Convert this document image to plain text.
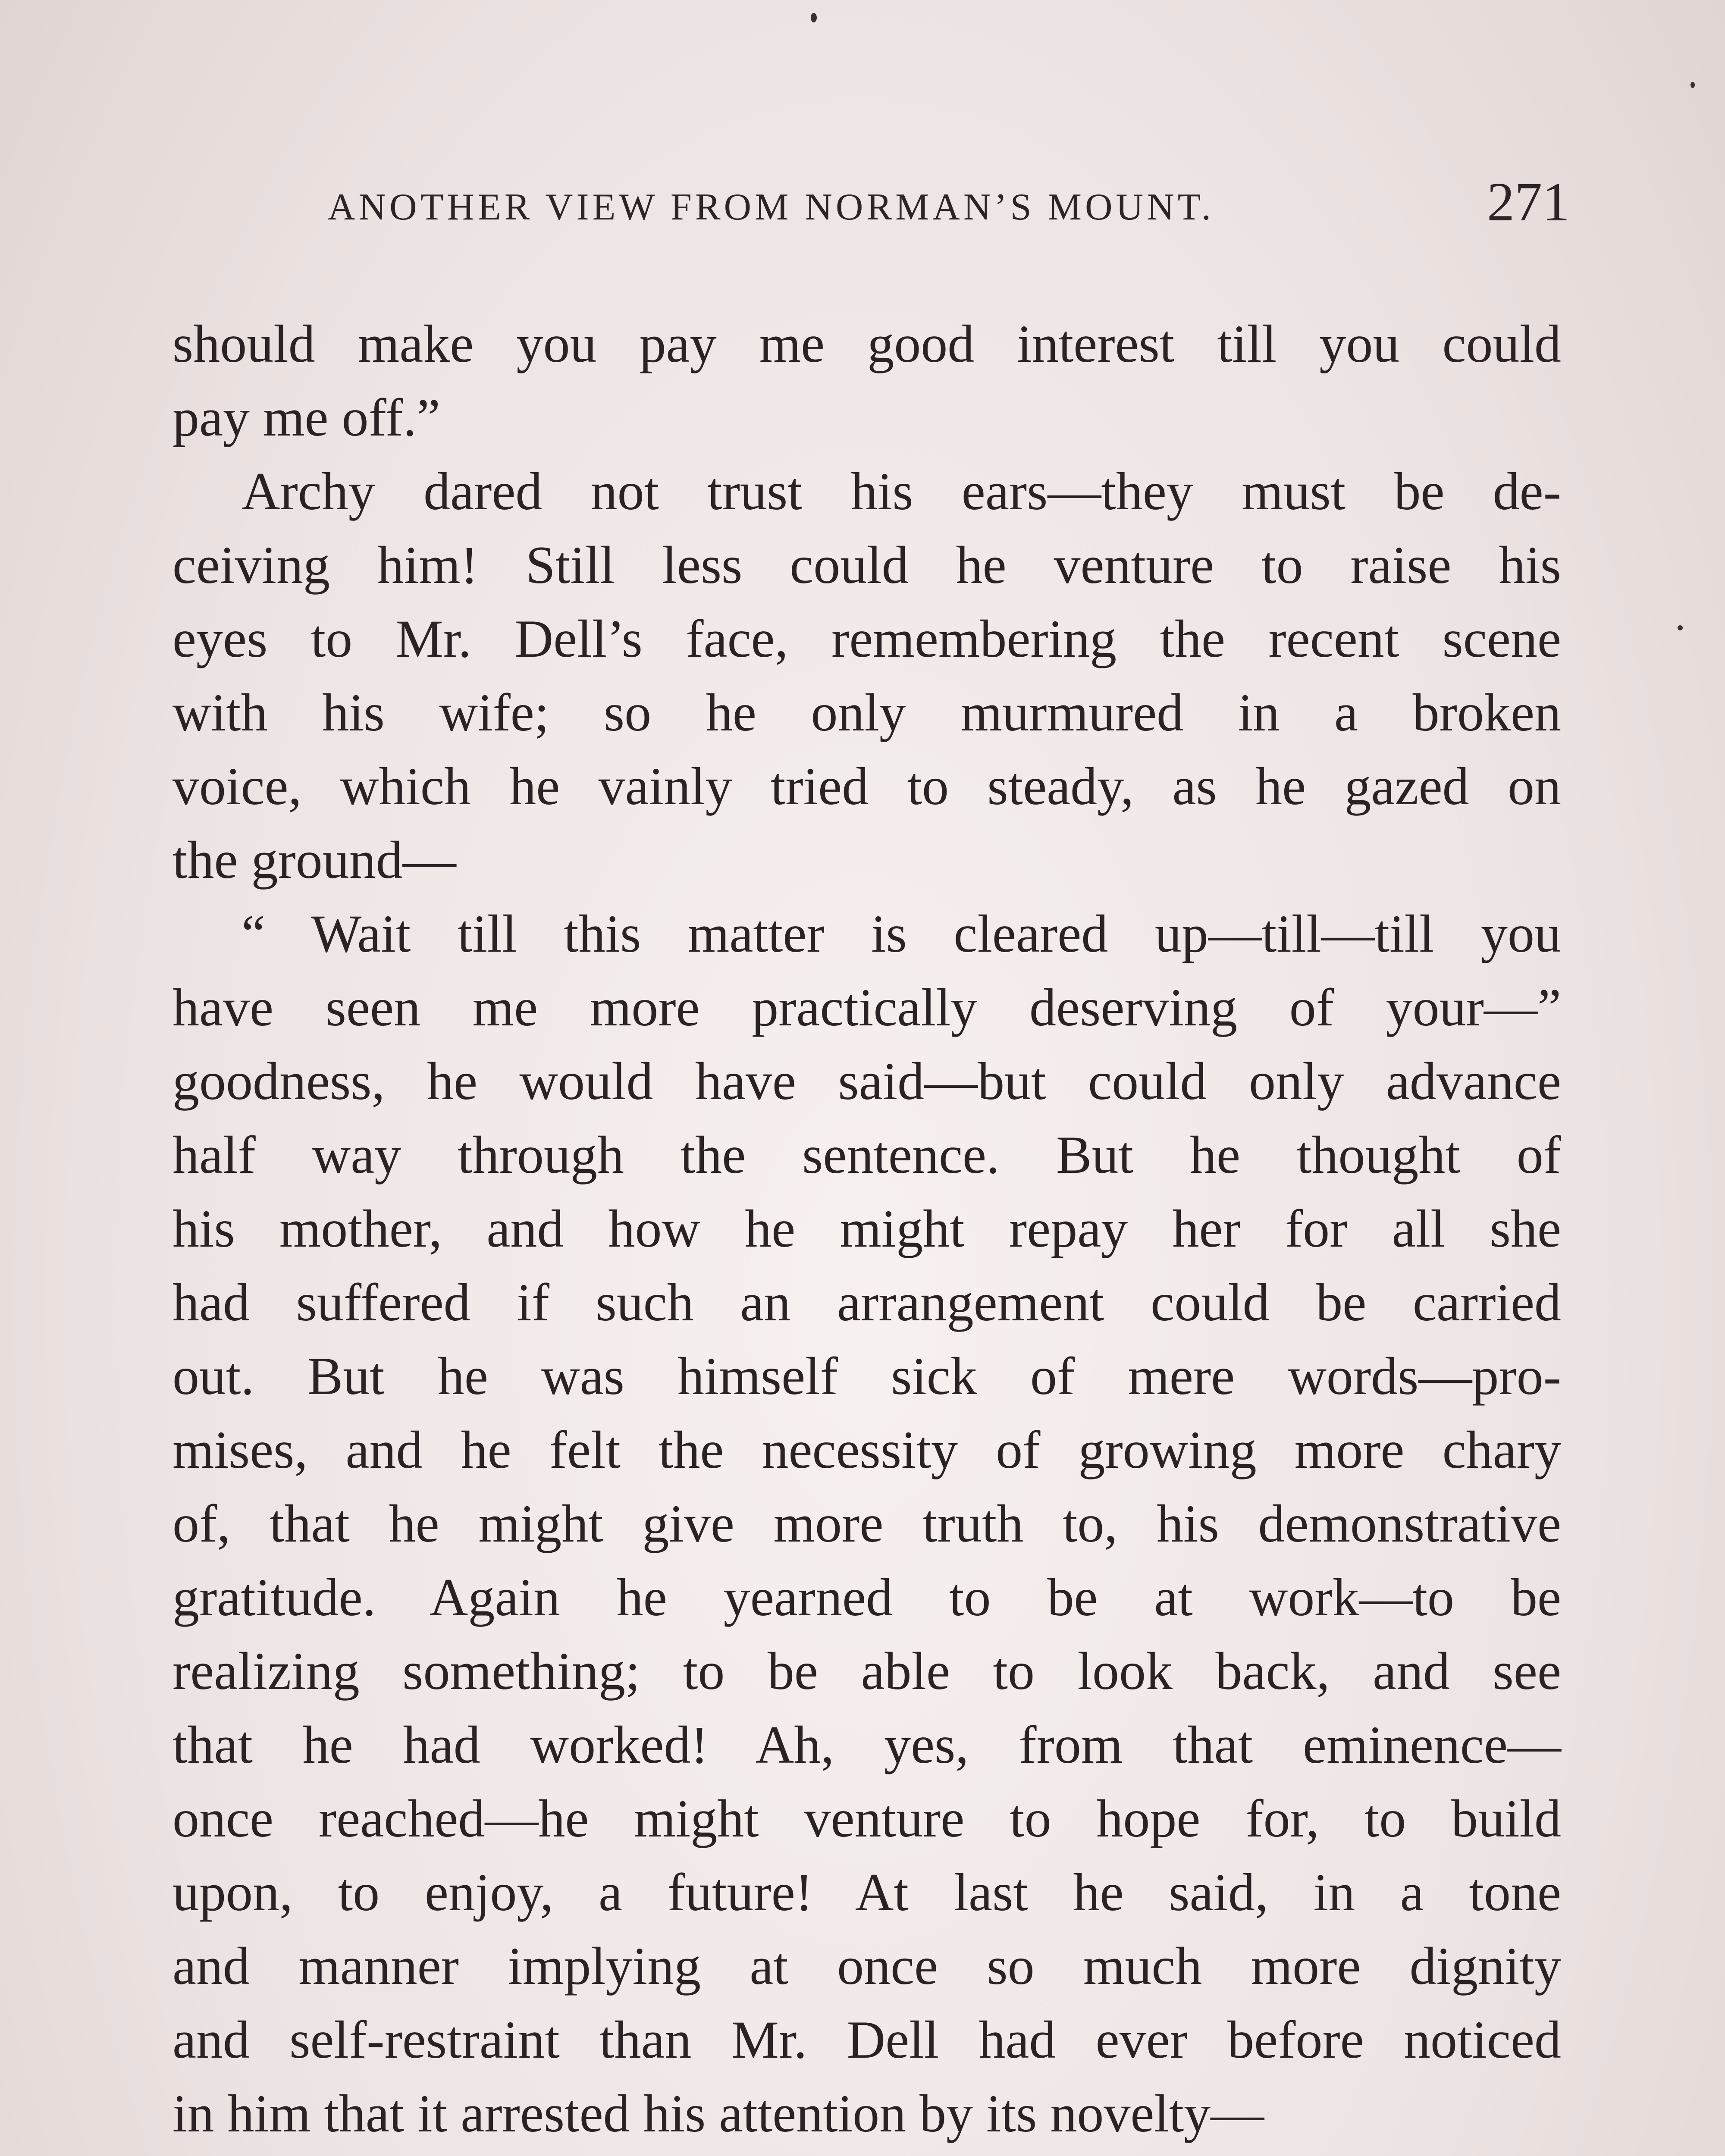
ANOTHER VIEW FROM NORMAN’S MOUNT.	271
should make you pay me good interest till you could
pay me off.”
Archy dared not trust his ears—they must be de-
ceiving him! Still less could he venture to raise his
eyes to Mr. Dell’s face, remembering the recent scene
with his wife; so he only murmured in a broken
voice, which he vainly tried to steady, as he gazed on
the ground—
“ Wait till this matter is cleared up—till—till you
have seen me more practically deserving of your—”
goodness, he would have said—but could only advance
half way through the sentence. But he thought of
his mother, and how he might repay her for all she
had suffered if such an arrangement could be carried
out. But he was himself sick of mere words—pro-
mises, and he felt the necessity of growing more chary
of, that he might give more truth to, his demonstrative
gratitude. Again he yearned to be at work—to be
realizing something; to be able to look back, and see
that he had worked! Ah, yes, from that eminence—
once reached—he might venture to hope for, to build
upon, to enjoy, a future! At last he said, in a tone
and manner implying at once so much more dignity
and self-restraint than Mr. Dell had ever before noticed
in him that it arrested his attention by its novelty—
